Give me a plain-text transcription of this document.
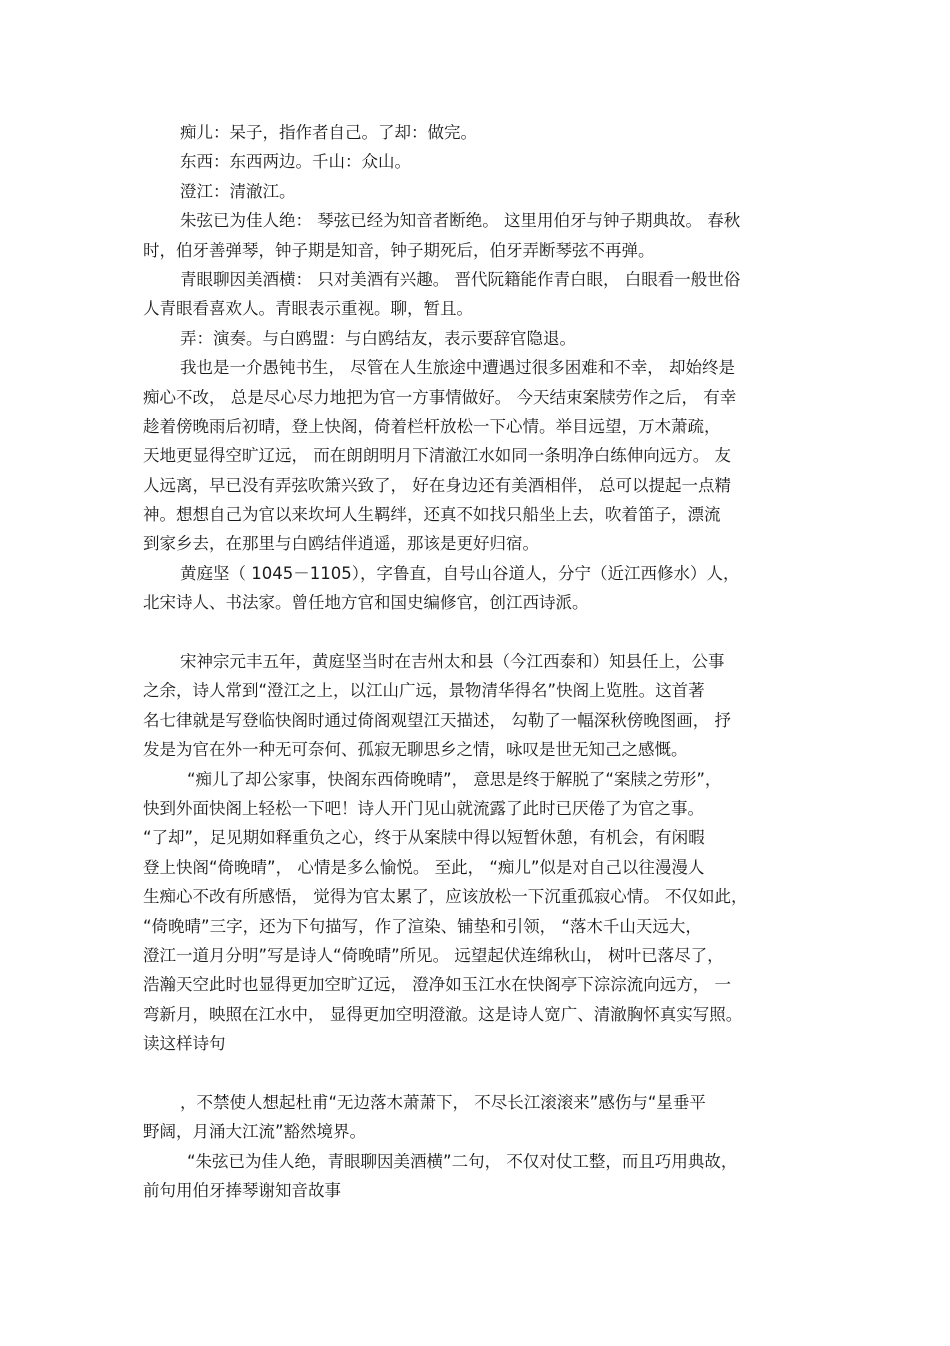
痴儿：呆子，指作者自己。了却：做完。
东西：东西两边。千山：众山。
澄江：清澈江。
朱弦已为佳人绝： 琴弦已经为知音者断绝。 这里用伯牙与钟子期典故。 春秋
时，伯牙善弹琴，钟子期是知音，钟子期死后，伯牙弄断琴弦不再弹。
青眼聊因美酒横： 只对美酒有兴趣。 晋代阮籍能作青白眼， 白眼看一般世俗
人青眼看喜欢人。青眼表示重视。聊，暂且。
弄：演奏。与白鸥盟：与白鸥结友，表示要辞官隐退。
我也是一介愚钝书生， 尽管在人生旅途中遭遇过很多困难和不幸， 却始终是
痴心不改， 总是尽心尽力地把为官一方事情做好。 今天结束案牍劳作之后， 有幸
趁着傍晚雨后初晴，登上快阁，倚着栏杆放松一下心情。举目远望，万木萧疏，
天地更显得空旷辽远， 而在朗朗明月下清澈江水如同一条明净白练伸向远方。 友
人远离，早已没有弄弦吹箫兴致了， 好在身边还有美酒相伴， 总可以提起一点精
神。想想自己为官以来坎坷人生羁绊，还真不如找只船坐上去，吹着笛子，漂流
到家乡去，在那里与白鸥结伴逍遥，那该是更好归宿。
黄庭坚（ 1045－1105），字鲁直，自号山谷道人，分宁（近江西修水）人，
北宋诗人、书法家。曾任地方官和国史编修官，创江西诗派。
宋神宗元丰五年，黄庭坚当时在吉州太和县（今江西泰和）知县任上，公事
之余，诗人常到“澄江之上，以江山广远，景物清华得名”快阁上览胜。这首著
名七律就是写登临快阁时通过倚阁观望江天描述， 勾勒了一幅深秋傍晚图画， 抒
发是为官在外一种无可奈何、孤寂无聊思乡之情，咏叹是世无知己之感慨。
“痴儿了却公家事，快阁东西倚晚晴”， 意思是终于解脱了“案牍之劳形”，
快到外面快阁上轻松一下吧！诗人开门见山就流露了此时已厌倦了为官之事。
“了却”，足见期如释重负之心，终于从案牍中得以短暂休憩，有机会，有闲暇
登上快阁“倚晚晴”， 心情是多么愉悦。 至此， “痴儿”似是对自己以往漫漫人
生痴心不改有所感悟， 觉得为官太累了，应该放松一下沉重孤寂心情。 不仅如此，
“倚晚晴”三字，还为下句描写，作了渲染、铺垫和引领， “落木千山天远大，
澄江一道月分明”写是诗人“倚晚晴”所见。 远望起伏连绵秋山， 树叶已落尽了，
浩瀚天空此时也显得更加空旷辽远， 澄净如玉江水在快阁亭下淙淙流向远方， 一
弯新月，映照在江水中， 显得更加空明澄澈。这是诗人宽广、清澈胸怀真实写照。
读这样诗句
，不禁使人想起杜甫“无边落木萧萧下， 不尽长江滚滚来”感伤与“星垂平
野阔，月涌大江流”豁然境界。
“朱弦已为佳人绝，青眼聊因美酒横”二句， 不仅对仗工整，而且巧用典故，
前句用伯牙捧琴谢知音故事
